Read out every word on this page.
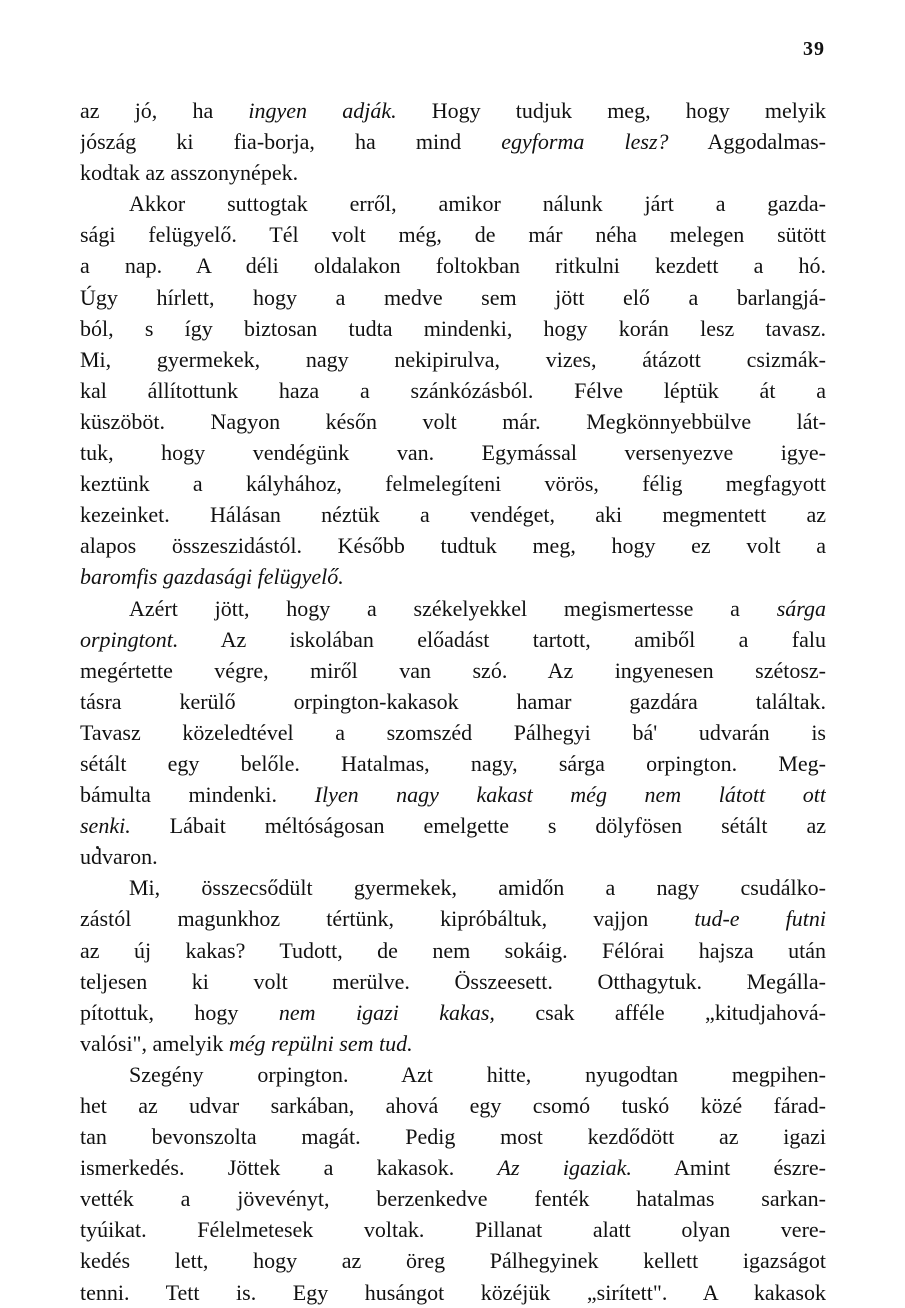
39
az jó, ha ingyen adják. Hogy tudjuk meg, hogy melyik
jószág ki fia-borja, ha mind egyforma lesz? Aggodalmas-
kodtak az asszonynépek.
Akkor suttogtak erről, amikor nálunk járt a gazda-
sági felügyelő. Tél volt még, de már néha melegen sütött
a nap. A déli oldalakon foltokban ritkulni kezdett a hó.
Úgy hírlett, hogy a medve sem jött elő a barlangjá-
ból, s így biztosan tudta mindenki, hogy korán lesz tavasz.
Mi, gyermekek, nagy nekipirulva, vizes, átázott csizmák-
kal állítottunk haza a szánkózásból. Félve léptük át a
küszöböt. Nagyon későn volt már. Megkönnyebbülve lát-
tuk, hogy vendégünk van. Egymással versenyezve igye-
keztünk a kályhához, felmelegíteni vörös, félig megfagyott
kezeinket. Hálásan néztük a vendéget, aki megmentett az
alapos összeszidástól. Később tudtuk meg, hogy ez volt a
baromfis gazdasági felügyelő.
Azért jött, hogy a székelyekkel megismertesse a sárga
orpingtont. Az iskolában előadást tartott, amiből a falu
megértette végre, miről van szó. Az ingyenesen szétosz-
tásra kerülő orpington-kakasok hamar gazdára találtak.
Tavasz közeledtével a szomszéd Pálhegyi bá' udvarán is
sétált egy belőle. Hatalmas, nagy, sárga orpington. Meg-
bámulta mindenki. Ilyen nagy kakast még nem látott ott
senki. Lábait méltóságosan emelgette s dölyfösen sétált az
udvaron.
Mi, összecsődült gyermekek, amidőn a nagy csudálko-
zástól magunkhoz tértünk, kipróbáltuk, vajjon tud-e futni
az új kakas? Tudott, de nem sokáig. Félórai hajsza után
teljesen ki volt merülve. Összeesett. Otthagytuk. Megálla-
pítottuk, hogy nem igazi kakas, csak afféle „kitudjahová-
valósi", amelyik még repülni sem tud.
Szegény orpington. Azt hitte, nyugodtan megpihen-
het az udvar sarkában, ahová egy csomó tuskó közé fárad-
tan bevonszolta magát. Pedig most kezdődött az igazi
ismerkedés. Jöttek a kakasok. Az igaziak. Amint észre-
vették a jövevényt, berzenkedve fenték hatalmas sarkan-
tyúikat. Félelmetesek voltak. Pillanat alatt olyan vere-
kedés lett, hogy az öreg Pálhegyinek kellett igazságot
tenni. Tett is. Egy husángot közéjük „sirített". A kakasok
